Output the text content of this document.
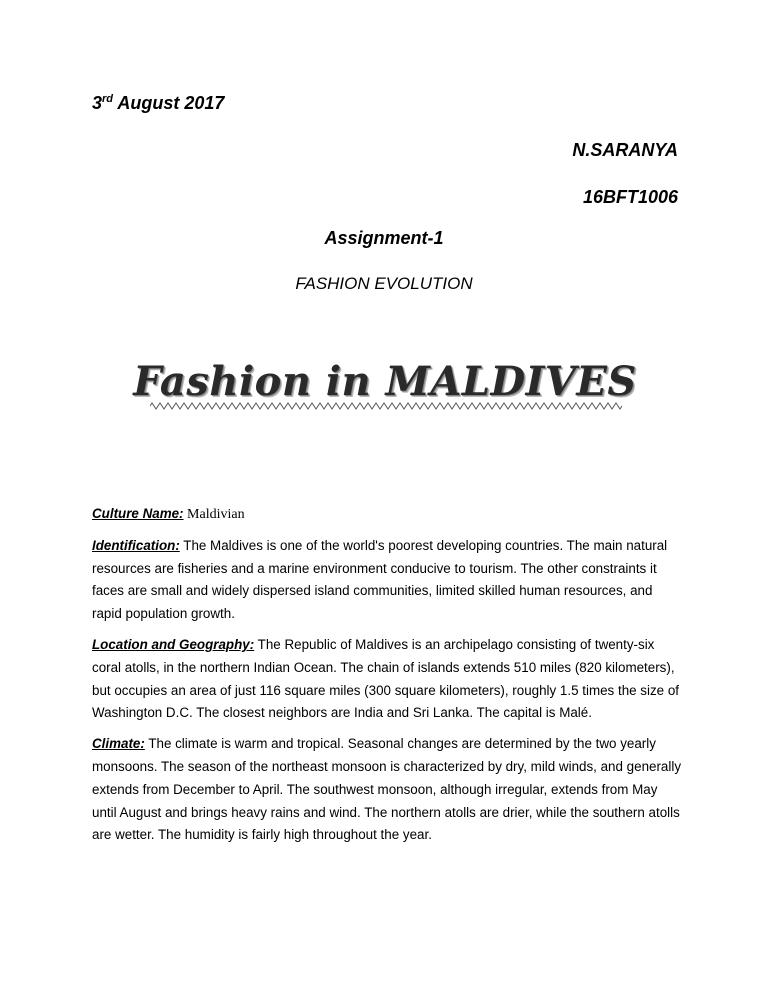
3rd August 2017
N.SARANYA
16BFT1006
Assignment-1
FASHION EVOLUTION
Fashion in MALDIVES

Culture Name: Maldivian

Identification: The Maldives is one of the world's poorest developing countries. The main natural resources are fisheries and a marine environment conducive to tourism. The other constraints it faces are small and widely dispersed island communities, limited skilled human resources, and rapid population growth.

Location and Geography: The Republic of Maldives is an archipelago consisting of twenty-six coral atolls, in the northern Indian Ocean. The chain of islands extends 510 miles (820 kilometers), but occupies an area of just 116 square miles (300 square kilometers), roughly 1.5 times the size of Washington D.C. The closest neighbors are India and Sri Lanka. The capital is Malé.

Climate: The climate is warm and tropical. Seasonal changes are determined by the two yearly monsoons. The season of the northeast monsoon is characterized by dry, mild winds, and generally extends from December to April. The southwest monsoon, although irregular, extends from May until August and brings heavy rains and wind. The northern atolls are drier, while the southern atolls are wetter. The humidity is fairly high throughout the year.
